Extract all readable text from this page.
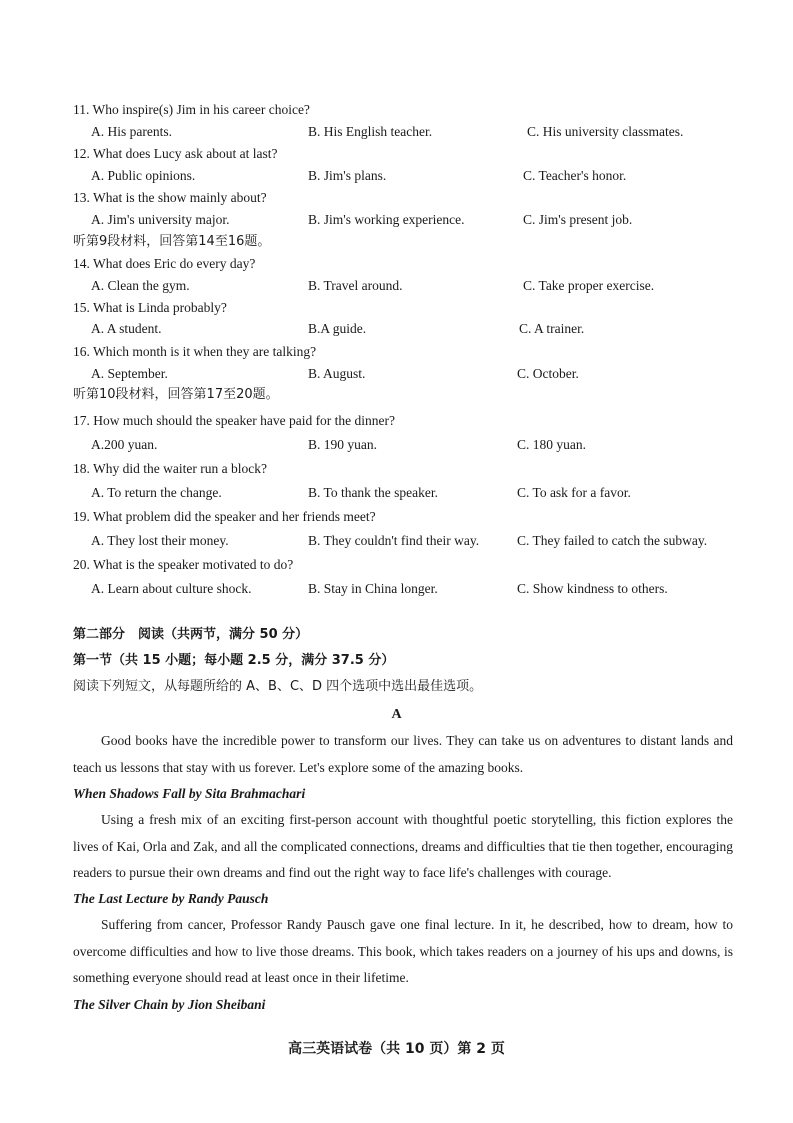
11. Who inspire(s) Jim in his career choice?
A. His parents.	B. His English teacher.	C. His university classmates.
12. What does Lucy ask about at last?
A. Public opinions.	B. Jim's plans.	C. Teacher's honor.
13. What is the show mainly about?
A. Jim's university major.	B. Jim's working experience.	C. Jim's present job.
听第9段材料，回答第14至16题。
14. What does Eric do every day?
A. Clean the gym.	B. Travel around.	C. Take proper exercise.
15. What is Linda probably?
A. A student.	B.A guide.	C. A trainer.
16. Which month is it when they are talking?
A. September.	B. August.	C. October.
听第10段材料，回答第17至20题。
17. How much should the speaker have paid for the dinner?
A.200 yuan.	B. 190 yuan.	C. 180 yuan.
18. Why did the waiter run a block?
A. To return the change.	B. To thank the speaker.	C. To ask for a favor.
19. What problem did the speaker and her friends meet?
A. They lost their money.	B. They couldn't find their way.	C. They failed to catch the subway.
20. What is the speaker motivated to do?
A. Learn about culture shock.	B. Stay in China longer.	C. Show kindness to others.
第二部分　阅读（共两节，满分 50 分）
第一节（共 15 小题；每小题 2.5 分，满分 37.5 分）
阅读下列短文，从每题所给的 A、B、C、D 四个选项中选出最佳选项。
A
Good books have the incredible power to transform our lives. They can take us on adventures to distant lands and teach us lessons that stay with us forever. Let's explore some of the amazing books.
When Shadows Fall by Sita Brahmachari
Using a fresh mix of an exciting first-person account with thoughtful poetic storytelling, this fiction explores the lives of Kai, Orla and Zak, and all the complicated connections, dreams and difficulties that tie then together, encouraging readers to pursue their own dreams and find out the right way to face life's challenges with courage.
The Last Lecture by Randy Pausch
Suffering from cancer, Professor Randy Pausch gave one final lecture. In it, he described, how to dream, how to overcome difficulties and how to live those dreams. This book, which takes readers on a journey of his ups and downs, is something everyone should read at least once in their lifetime.
The Silver Chain by Jion Sheibani
高三英语试卷（共 10 页）第 2 页
